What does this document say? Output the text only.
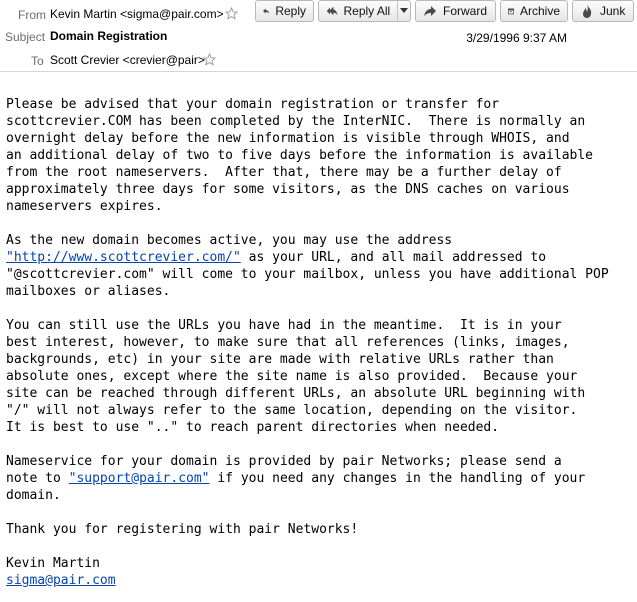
From Kevin Martin <sigma@pair.com>	Reply	Reply All	Forward	Archive	Junk
Subject Domain Registration	3/29/1996 9:37 AM
To Scott Crevier <crevier@pair>
Please be advised that your domain registration or transfer for
scottcrevier.COM has been completed by the InterNIC.  There is normally an
overnight delay before the new information is visible through WHOIS, and
an additional delay of two to five days before the information is available
from the root nameservers.  After that, there may be a further delay of
approximately three days for some visitors, as the DNS caches on various
nameservers expires.

As the new domain becomes active, you may use the address
"http://www.scottcrevier.com/" as your URL, and all mail addressed to
"@scottcrevier.com" will come to your mailbox, unless you have additional POP
mailboxes or aliases.

You can still use the URLs you have had in the meantime.  It is in your
best interest, however, to make sure that all references (links, images,
backgrounds, etc) in your site are made with relative URLs rather than
absolute ones, except where the site name is also provided.  Because your
site can be reached through different URLs, an absolute URL beginning with
"/" will not always refer to the same location, depending on the visitor.
It is best to use ".." to reach parent directories when needed.

Nameservice for your domain is provided by pair Networks; please send a
note to "support@pair.com" if you need any changes in the handling of your
domain.

Thank you for registering with pair Networks!

Kevin Martin
sigma@pair.com
